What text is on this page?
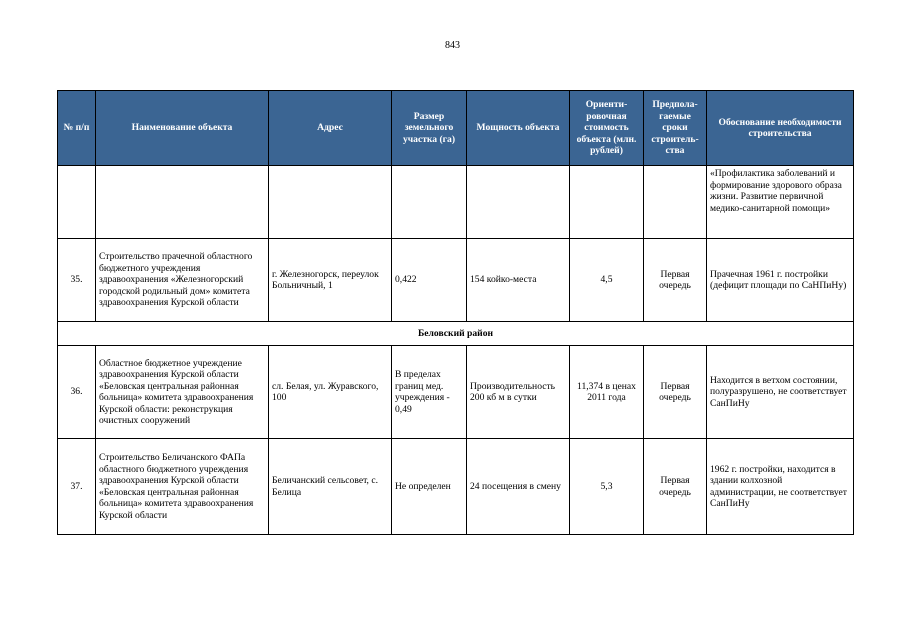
843
№ п/п	Наименование объекта	Адрес	Размер земельного участка (га)	Мощность объекта	Ориенти- ровочная стоимость объекта (млн. рублей)	Предпола- гаемые сроки строитель- ства	Обоснование необходимости строительства
							«Профилактика заболеваний и формирование здорового образа жизни. Развитие первичной медико-санитарной помощи»
35.	Строительство прачечной областного бюджетного учреждения здравоохранения «Железногорский городской родильный дом» комитета здравоохранения Курской области	г. Железногорск, переулок Больничный, 1	0,422	154 койко-места	4,5	Первая очередь	Прачечная 1961 г. постройки (дефицит площади по СаНПиНу)
Беловский район							
36.	Областное бюджетное учреждение здравоохранения Курской области «Беловская центральная районная больница» комитета здравоохранения Курской области: реконструкция очистных сооружений	сл. Белая, ул. Журавского, 100	В пределах границ мед. учреждения - 0,49	Производительность 200 кб м в сутки	11,374 в ценах 2011 года	Первая очередь	Находится в ветхом состоянии, полуразрушено, не соответствует СанПиНу
37.	Строительство Беличанского ФАПа областного бюджетного учреждения здравоохранения Курской области «Беловская центральная районная больница» комитета здравоохранения Курской области	Беличанский сельсовет, с. Белица	Не определен	24 посещения в смену	5,3	Первая очередь	1962 г. постройки, находится в здании колхозной администрации, не соответствует СанПиНу
